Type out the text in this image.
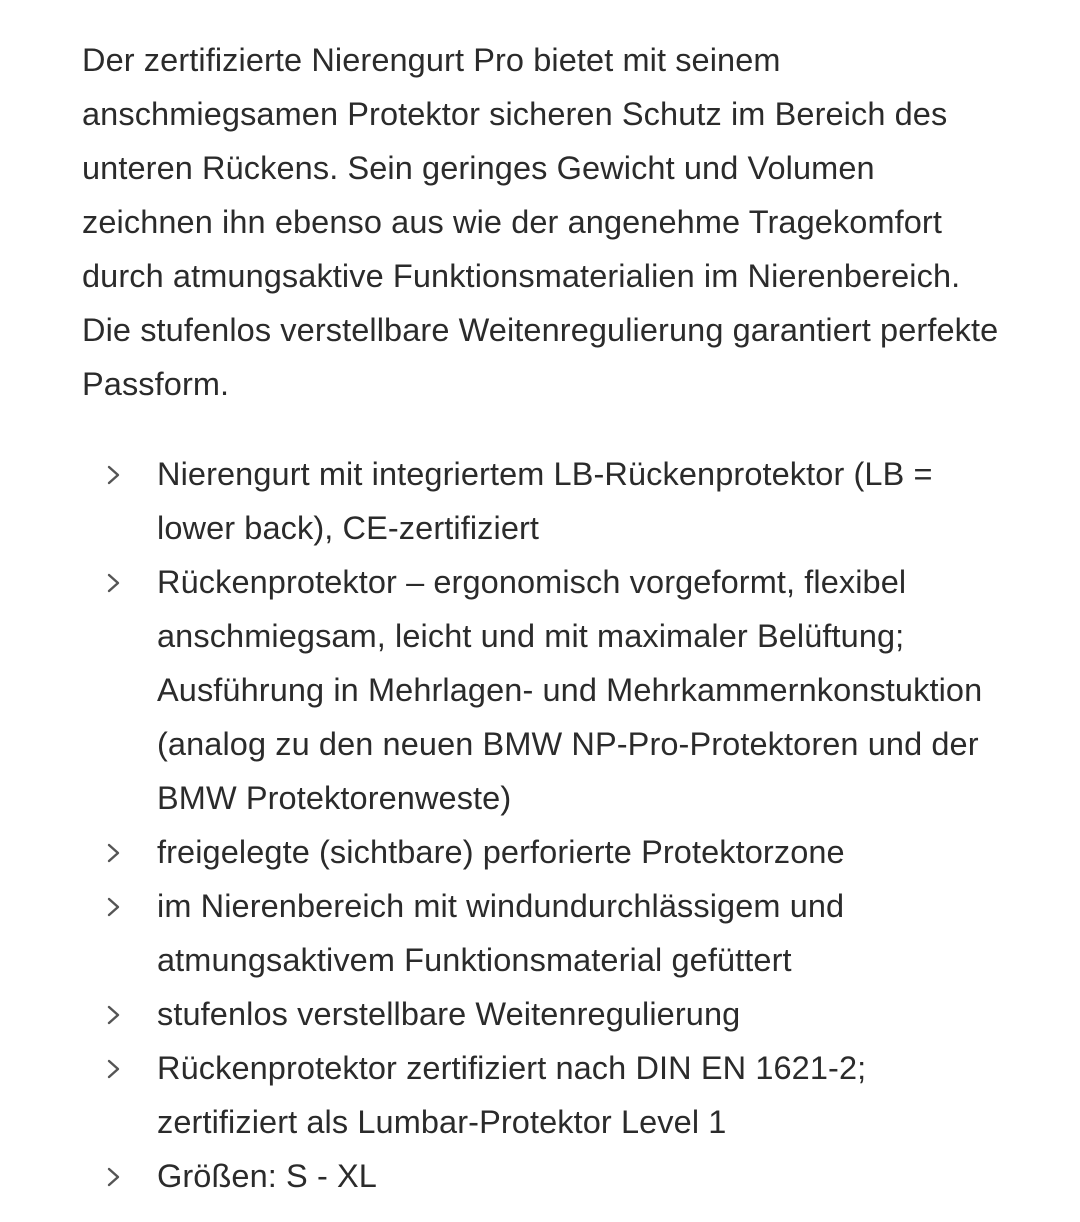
Der zertifizierte Nierengurt Pro bietet mit seinem anschmiegsamen Protektor sicheren Schutz im Bereich des unteren Rückens. Sein geringes Gewicht und Volumen zeichnen ihn ebenso aus wie der angenehme Tragekomfort durch atmungsaktive Funktionsmaterialien im Nierenbereich. Die stufenlos verstellbare Weitenregulierung garantiert perfekte Passform.

Nierengurt mit integriertem LB-Rückenprotektor (LB = lower back), CE-zertifiziert
Rückenprotektor – ergonomisch vorgeformt, flexibel anschmiegsam, leicht und mit maximaler Belüftung; Ausführung in Mehrlagen- und Mehrkammernkonstuktion (analog zu den neuen BMW NP-Pro-Protektoren und der BMW Protektorenweste)
freigelegte (sichtbare) perforierte Protektorzone
im Nierenbereich mit windundurchlässigem und atmungsaktivem Funktionsmaterial gefüttert
stufenlos verstellbare Weitenregulierung
Rückenprotektor zertifiziert nach DIN EN 1621-2; zertifiziert als Lumbar-Protektor Level 1
Größen: S - XL
